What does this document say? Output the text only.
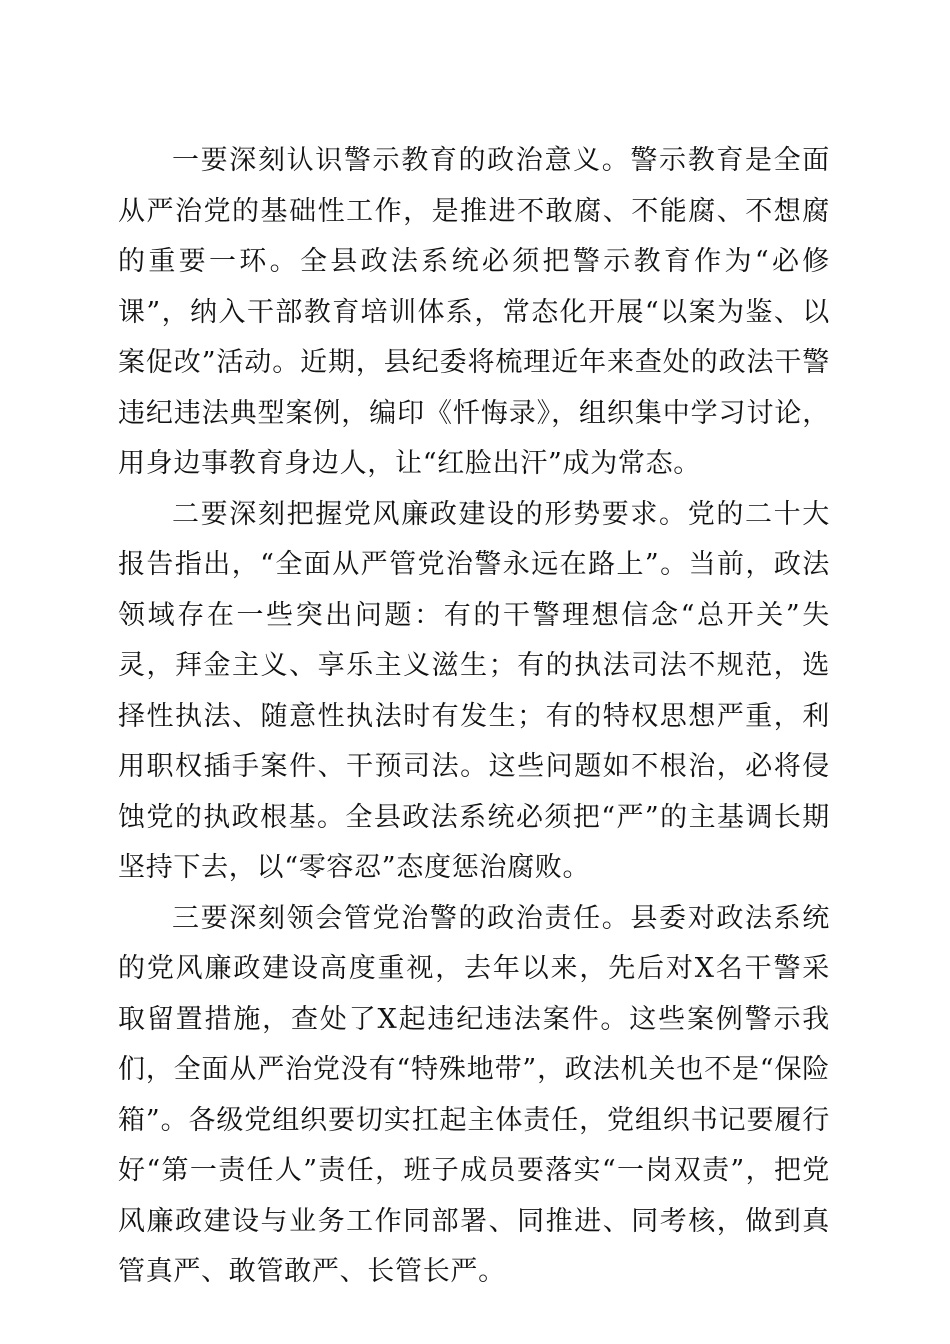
一要深刻认识警示教育的政治意义。警示教育是全面从严治党的基础性工作，是推进不敢腐、不能腐、不想腐的重要一环。全县政法系统必须把警示教育作为“必修课”，纳入干部教育培训体系，常态化开展“以案为鉴、以案促改”活动。近期，县纪委将梳理近年来查处的政法干警违纪违法典型案例，编印《忏悔录》，组织集中学习讨论，用身边事教育身边人，让“红脸出汗”成为常态。

二要深刻把握党风廉政建设的形势要求。党的二十大报告指出，“全面从严管党治警永远在路上”。当前，政法领域存在一些突出问题：有的干警理想信念“总开关”失灵，拜金主义、享乐主义滋生；有的执法司法不规范，选择性执法、随意性执法时有发生；有的特权思想严重，利用职权插手案件、干预司法。这些问题如不根治，必将侵蚀党的执政根基。全县政法系统必须把“严”的主基调长期坚持下去，以“零容忍”态度惩治腐败。

三要深刻领会管党治警的政治责任。县委对政法系统的党风廉政建设高度重视，去年以来，先后对X名干警采取留置措施，查处了X起违纪违法案件。这些案例警示我们，全面从严治党没有“特殊地带”，政法机关也不是“保险箱”。各级党组织要切实扛起主体责任，党组织书记要履行好“第一责任人”责任，班子成员要落实“一岗双责”，把党风廉政建设与业务工作同部署、同推进、同考核，做到真管真严、敢管敢严、长管长严。
